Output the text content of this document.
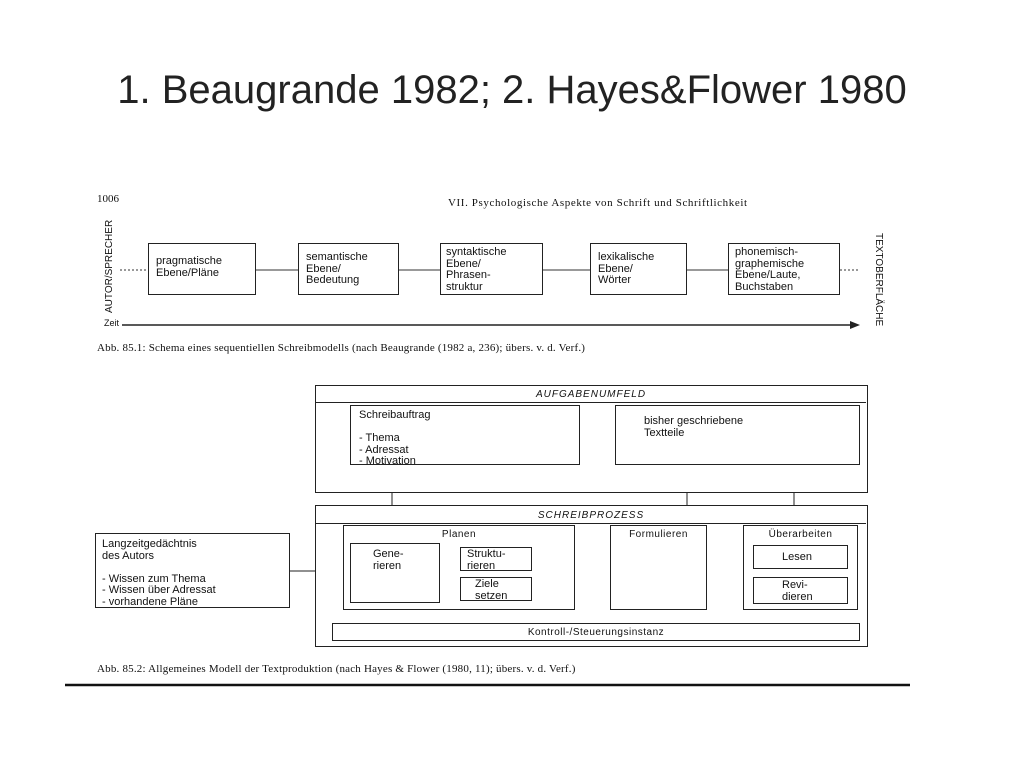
1. Beaugrande 1982; 2. Hayes&Flower 1980
1006	VII. Psychologische Aspekte von Schrift und Schriftlichkeit
AUTOR/SPRECHER	TEXTOBERFLÄCHE
pragmatische
Ebene/Pläne
semantische
Ebene/
Bedeutung
syntaktische
Ebene/
Phrasen-
struktur
lexikalische
Ebene/
Wörter
phonemisch-
graphemische
Ebene/Laute,
Buchstaben
Zeit
Abb. 85.1: Schema eines sequentiellen Schreibmodells (nach Beaugrande (1982 a, 236); übers. v. d. Verf.)
AUFGABENUMFELD
Schreibauftrag

- Thema
- Adressat
- Motivation
bisher geschriebene
Textteile
SCHREIBPROZESS
Langzeitgedächtnis
des Autors

- Wissen zum Thema
- Wissen über Adressat
- vorhandene Pläne
Planen
Gene-
rieren
Struktu-
rieren
Ziele
setzen
Formulieren	Überarbeiten
Lesen
Revi-
dieren
Kontroll-/Steuerungsinstanz
Abb. 85.2: Allgemeines Modell der Textproduktion (nach Hayes & Flower (1980, 11); übers. v. d. Verf.)
